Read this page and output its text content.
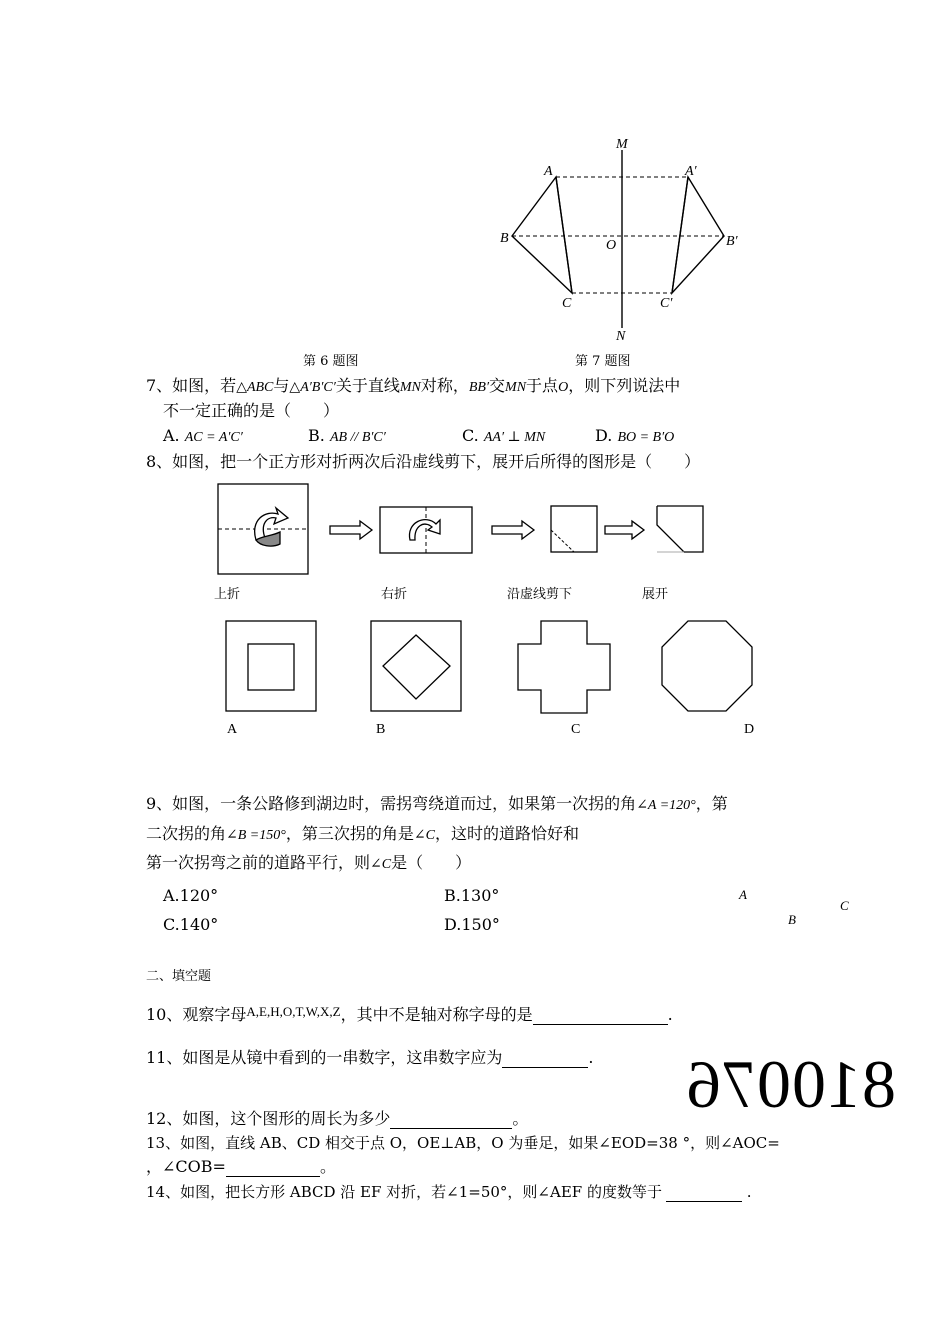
M
N
O
A
B
C
A′
B′
C′
第 6 题图	第 7 题图
7、如图，若△ABC与△A′B′C′关于直线MN对称，BB′交MN于点O，则下列说法中
不一定正确的是（　　）
A. AC = A′C′	B. AB // B′C′	C. AA′ ⊥ MN	D. BO = B′O
8、如图，把一个正方形对折两次后沿虚线剪下，展开后所得的图形是（　　）
上折	右折	沿虚线剪下	展开
A	B	C	D
9、如图，一条公路修到湖边时，需拐弯绕道而过，如果第一次拐的角∠A =120°，第
二次拐的角∠B =150°，第三次拐的角是∠C，这时的道路恰好和
第一次拐弯之前的道路平行，则∠C是（　　）
A.120°	B.130°
C.140°	D.150°
A
B
C
二、填空题
10、观察字母$^{A,E,H,O,T,W,X,Z}$，其中不是轴对称字母的是	.
11、如图是从镜中看到的一串数字，这串数字应为	. 810076
12、如图，这个图形的周长为多少	。
13、如图，直线 AB、CD 相交于点 O，OE⊥AB，O 为垂足，如果∠EOD=38 °，则∠AOC=
，∠COB=	。
14、如图，把长方形 ABCD 沿 EF 对折，若∠1=50°，则∠AEF 的度数等于	.
